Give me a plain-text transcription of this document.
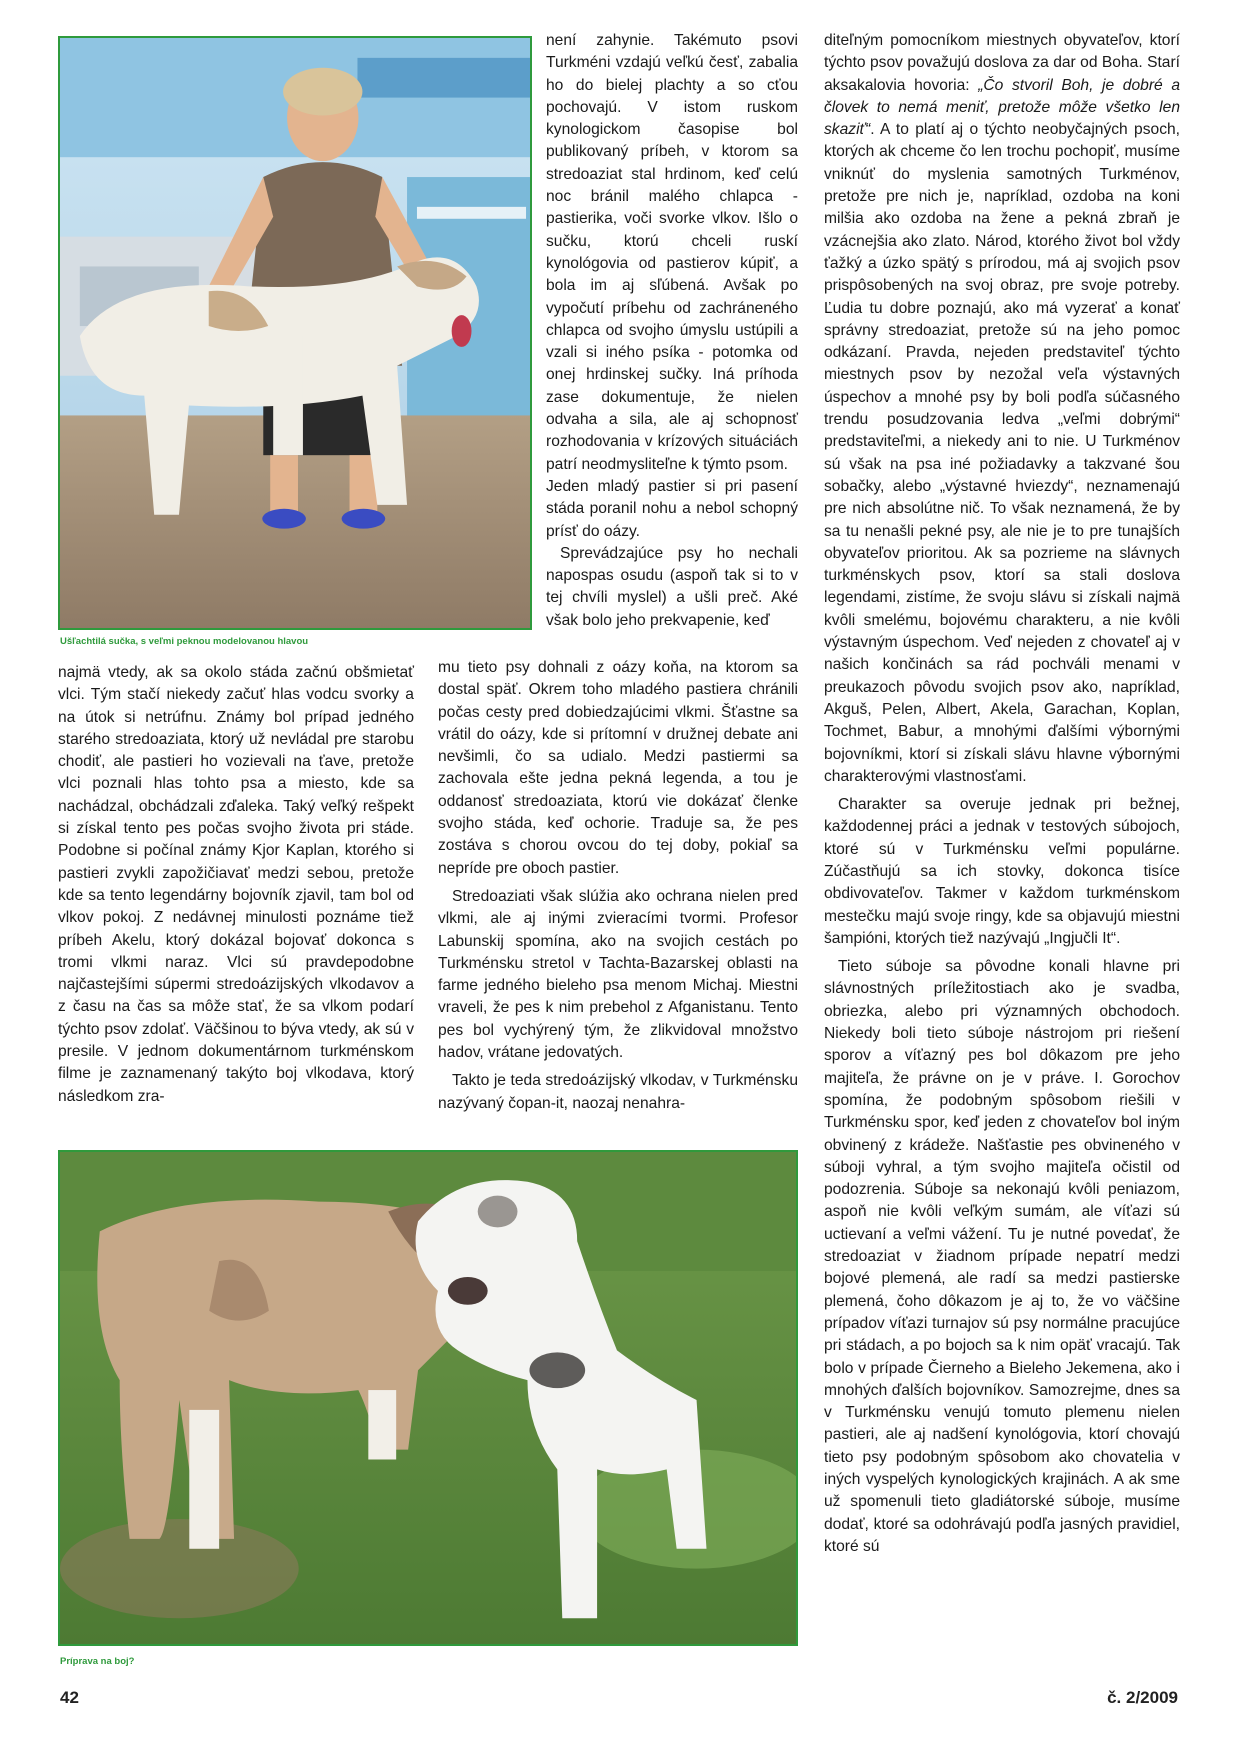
Ušľachtilá sučka, s veľmi peknou modelovanou hlavou

není zahynie. Takémuto psovi Turkméni vzdajú veľkú česť, zabalia ho do bielej plachty a so cťou pochovajú. V istom ruskom kynologickom časopise bol publikovaný príbeh, v ktorom sa stredoaziat stal hrdinom, keď celú noc bránil malého chlapca - pastierika, voči svorke vlkov. Išlo o sučku, ktorú chceli ruskí kynológovia od pastierov kúpiť, a bola im aj sľúbená. Avšak po vypočutí príbehu od zachráneného chlapca od svojho úmyslu ustúpili a vzali si iného psíka - potomka od onej hrdinskej sučky. Iná príhoda zase dokumentuje, že nielen odvaha a sila, ale aj schopnosť rozhodovania v krízových situáciách patrí neodmysliteľne k týmto psom.

Jeden mladý pastier si pri pasení stáda poranil nohu a nebol schopný prísť do oázy.

Sprevádzajúce psy ho nechali napospas osudu (aspoň tak si to v tej chvíli myslel) a ušli preč. Aké však bolo jeho prekvapenie, keď

najmä vtedy, ak sa okolo stáda začnú obšmietať vlci. Tým stačí niekedy začuť hlas vodcu svorky a na útok si netrúfnu. Známy bol prípad jedného starého stredoaziata, ktorý už nevládal pre starobu chodiť, ale pastieri ho vozievali na ťave, pretože vlci poznali hlas tohto psa a miesto, kde sa nachádzal, obchádzali zďaleka. Taký veľký rešpekt si získal tento pes počas svojho života pri stáde. Podobne si počínal známy Kjor Kaplan, ktorého si pastieri zvykli zapožičiavať medzi sebou, pretože kde sa tento legendárny bojovník zjavil, tam bol od vlkov pokoj. Z nedávnej minulosti poznáme tiež príbeh Akelu, ktorý dokázal bojovať dokonca s tromi vlkmi naraz. Vlci sú pravdepodobne najčastejšími súpermi stredoázijských vlkodavov a z času na čas sa môže stať, že sa vlkom podarí týchto psov zdolať. Väčšinou to býva vtedy, ak sú v presile. V jednom dokumentárnom turkménskom filme je zaznamenaný takýto boj vlkodava, ktorý následkom zra-

mu tieto psy dohnali z oázy koňa, na ktorom sa dostal späť. Okrem toho mladého pastiera chránili počas cesty pred dobiedzajúcimi vlkmi. Šťastne sa vrátil do oázy, kde si prítomní v družnej debate ani nevšimli, čo sa udialo. Medzi pastiermi sa zachovala ešte jedna pekná legenda, a tou je oddanosť stredoaziata, ktorú vie dokázať členke svojho stáda, keď ochorie. Traduje sa, že pes zostáva s chorou ovcou do tej doby, pokiaľ sa nepríde pre oboch pastier.

Stredoaziati však slúžia ako ochrana nielen pred vlkmi, ale aj inými zvieracími tvormi. Profesor Labunskij spomína, ako na svojich cestách po Turkménsku stretol v Tachta-Bazarskej oblasti na farme jedného bieleho psa menom Michaj. Miestni vraveli, že pes k nim prebehol z Afganistanu. Tento pes bol vychýrený tým, že zlikvidoval množstvo hadov, vrátane jedovatých.

Takto je teda stredoázijský vlkodav, v Turkménsku nazývaný čopan-it, naozaj nenahra-

Príprava na boj?

diteľným pomocníkom miestnych obyvateľov, ktorí týchto psov považujú doslova za dar od Boha. Starí aksakalovia hovoria: „Čo stvoril Boh, je dobré a človek to nemá meniť, pretože môže všetko len skaziť“. A to platí aj o týchto neobyčajných psoch, ktorých ak chceme čo len trochu pochopiť, musíme vniknúť do myslenia samotných Turkménov, pretože pre nich je, napríklad, ozdoba na koni milšia ako ozdoba na žene a pekná zbraň je vzácnejšia ako zlato. Národ, ktorého život bol vždy ťažký a úzko spätý s prírodou, má aj svojich psov prispôsobených na svoj obraz, pre svoje potreby. Ľudia tu dobre poznajú, ako má vyzerať a konať správny stredoaziat, pretože sú na jeho pomoc odkázaní. Pravda, nejeden predstaviteľ týchto miestnych psov by nezožal veľa výstavných úspechov a mnohé psy by boli podľa súčasného trendu posudzovania ledva „veľmi dobrými“ predstaviteľmi, a niekedy ani to nie. U Turkménov sú však na psa iné požiadavky a takzvané šou sobačky, alebo „výstavné hviezdy“, neznamenajú pre nich absolútne nič. To však neznamená, že by sa tu nenašli pekné psy, ale nie je to pre tunajších obyvateľov prioritou. Ak sa pozrieme na slávnych turkménskych psov, ktorí sa stali doslova legendami, zistíme, že svoju slávu si získali najmä kvôli smelému, bojovému charakteru, a nie kvôli výstavným úspechom. Veď nejeden z chovateľ aj v našich končinách sa rád pochváli menami v preukazoch pôvodu svojich psov ako, napríklad, Akguš, Pelen, Albert, Akela, Garachan, Koplan, Tochmet, Babur, a mnohými ďalšími výbornými bojovníkmi, ktorí si získali slávu hlavne výbornými charakterovými vlastnosťami.

Charakter sa overuje jednak pri bežnej, každodennej práci a jednak v testových súbojoch, ktoré sú v Turkménsku veľmi populárne. Zúčastňujú sa ich stovky, dokonca tisíce obdivovateľov. Takmer v každom turkménskom mestečku majú svoje ringy, kde sa objavujú miestni šampióni, ktorých tiež nazývajú „Ingjučli It“.

Tieto súboje sa pôvodne konali hlavne pri slávnostných príležitostiach ako je svadba, obriezka, alebo pri významných obchodoch. Niekedy boli tieto súboje nástrojom pri riešení sporov a víťazný pes bol dôkazom pre jeho majiteľa, že právne on je v práve. I. Gorochov spomína, že podobným spôsobom riešili v Turkménsku spor, keď jeden z chovateľov bol iným obvinený z krádeže. Našťastie pes obvineného v súboji vyhral, a tým svojho majiteľa očistil od podozrenia. Súboje sa nekonajú kvôli peniazom, aspoň nie kvôli veľkým sumám, ale víťazi sú uctievaní a veľmi vážení. Tu je nutné povedať, že stredoaziat v žiadnom prípade nepatrí medzi bojové plemená, ale radí sa medzi pastierske plemená, čoho dôkazom je aj to, že vo väčšine prípadov víťazi turnajov sú psy normálne pracujúce pri stádach, a po bojoch sa k nim opäť vracajú. Tak bolo v prípade Čierneho a Bieleho Jekemena, ako i mnohých ďalších bojovníkov. Samozrejme, dnes sa v Turkménsku venujú tomuto plemenu nielen pastieri, ale aj nadšení kynológovia, ktorí chovajú tieto psy podobným spôsobom ako chovatelia v iných vyspelých kynologických krajinách. A ak sme už spomenuli tieto gladiátorské súboje, musíme dodať, ktoré sa odohrávajú podľa jasných pravidiel, ktoré sú

42	č. 2/2009
